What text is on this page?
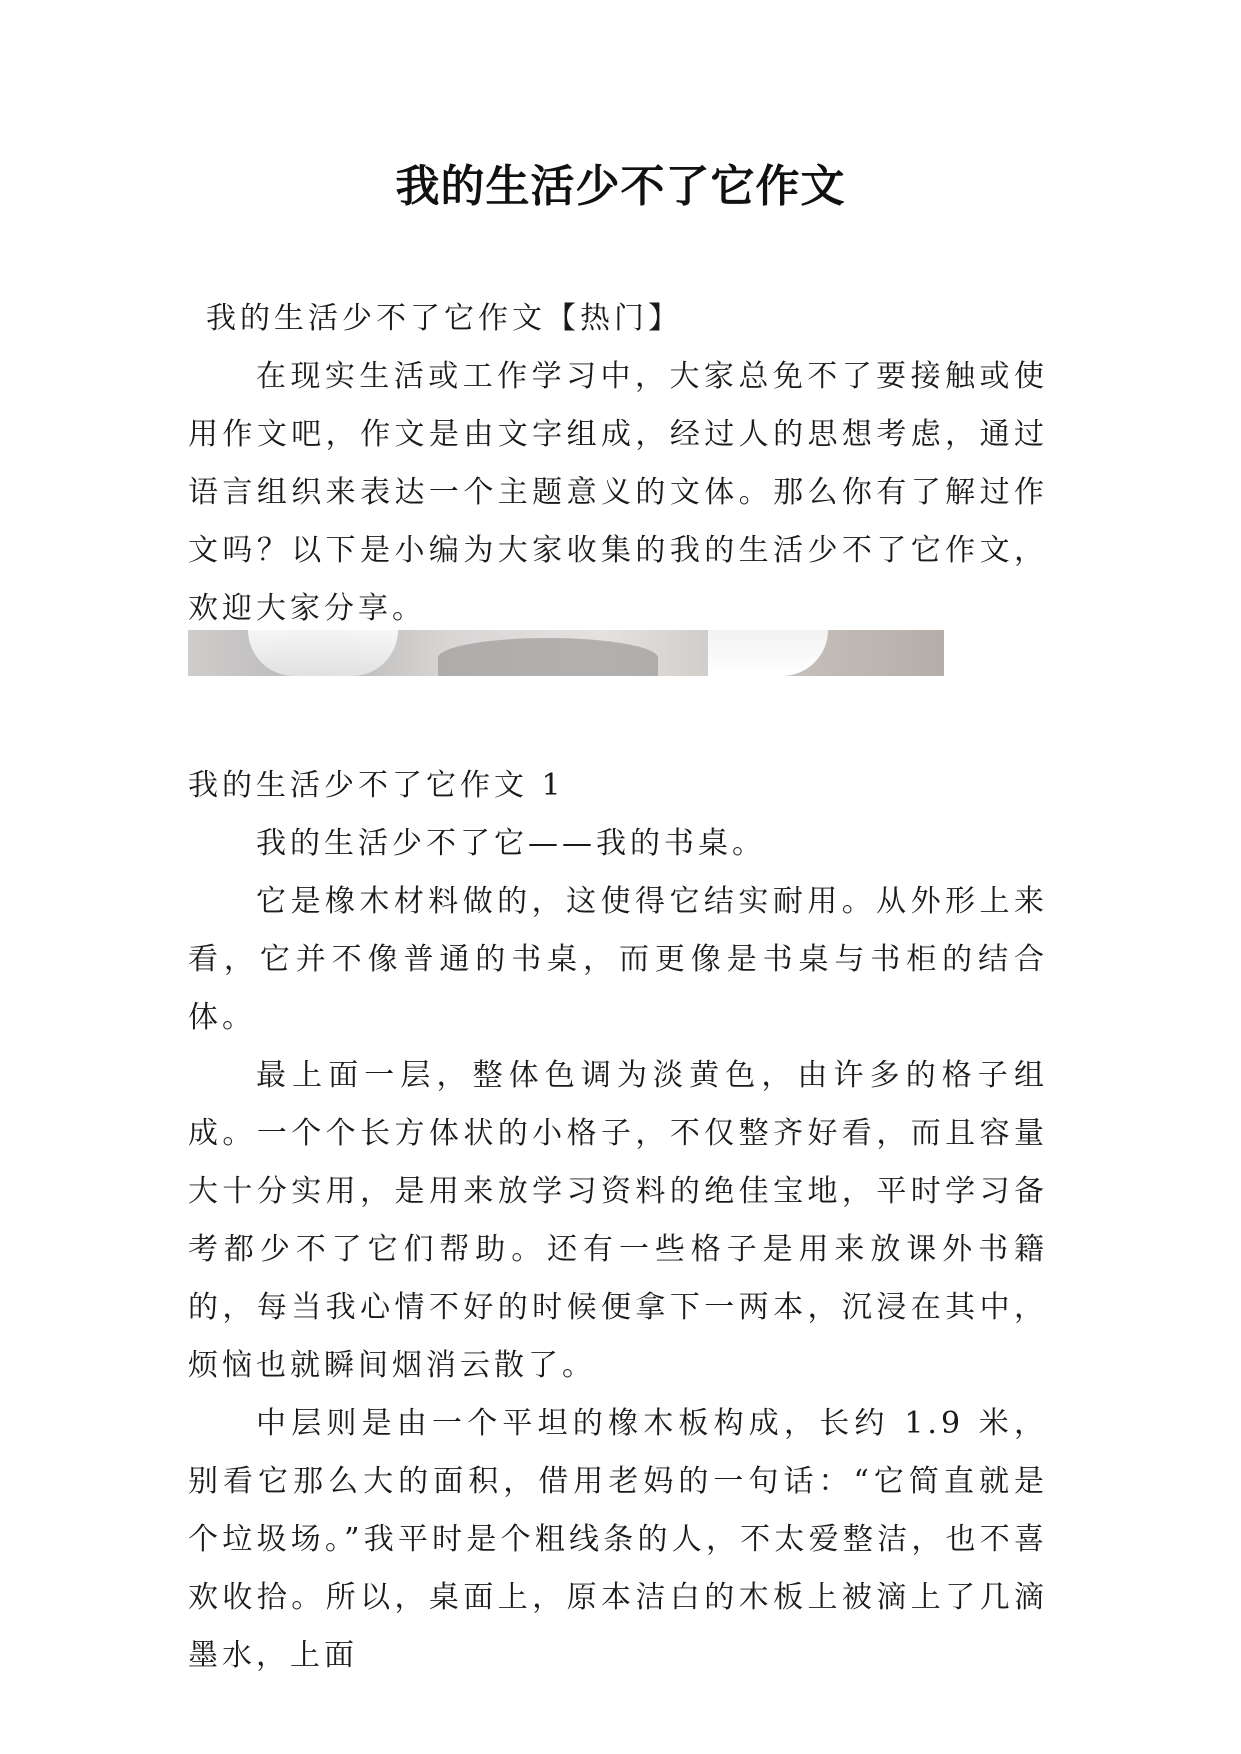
我的生活少不了它作文

我的生活少不了它作文【热门】

在现实生活或工作学习中，大家总免不了要接触或使用作文吧，作文是由文字组成，经过人的思想考虑，通过语言组织来表达一个主题意义的文体。那么你有了解过作文吗？以下是小编为大家收集的我的生活少不了它作文，欢迎大家分享。

我的生活少不了它作文 1

我的生活少不了它——我的书桌。

它是橡木材料做的，这使得它结实耐用。从外形上来看，它并不像普通的书桌，而更像是书桌与书柜的结合体。

最上面一层，整体色调为淡黄色，由许多的格子组成。一个个长方体状的小格子，不仅整齐好看，而且容量大十分实用，是用来放学习资料的绝佳宝地，平时学习备考都少不了它们帮助。还有一些格子是用来放课外书籍的，每当我心情不好的时候便拿下一两本，沉浸在其中，烦恼也就瞬间烟消云散了。

中层则是由一个平坦的橡木板构成，长约 1.9 米，别看它那么大的面积，借用老妈的一句话：“它简直就是个垃圾场。”我平时是个粗线条的人，不太爱整洁，也不喜欢收拾。所以，桌面上，原本洁白的木板上被滴上了几滴墨水，上面
